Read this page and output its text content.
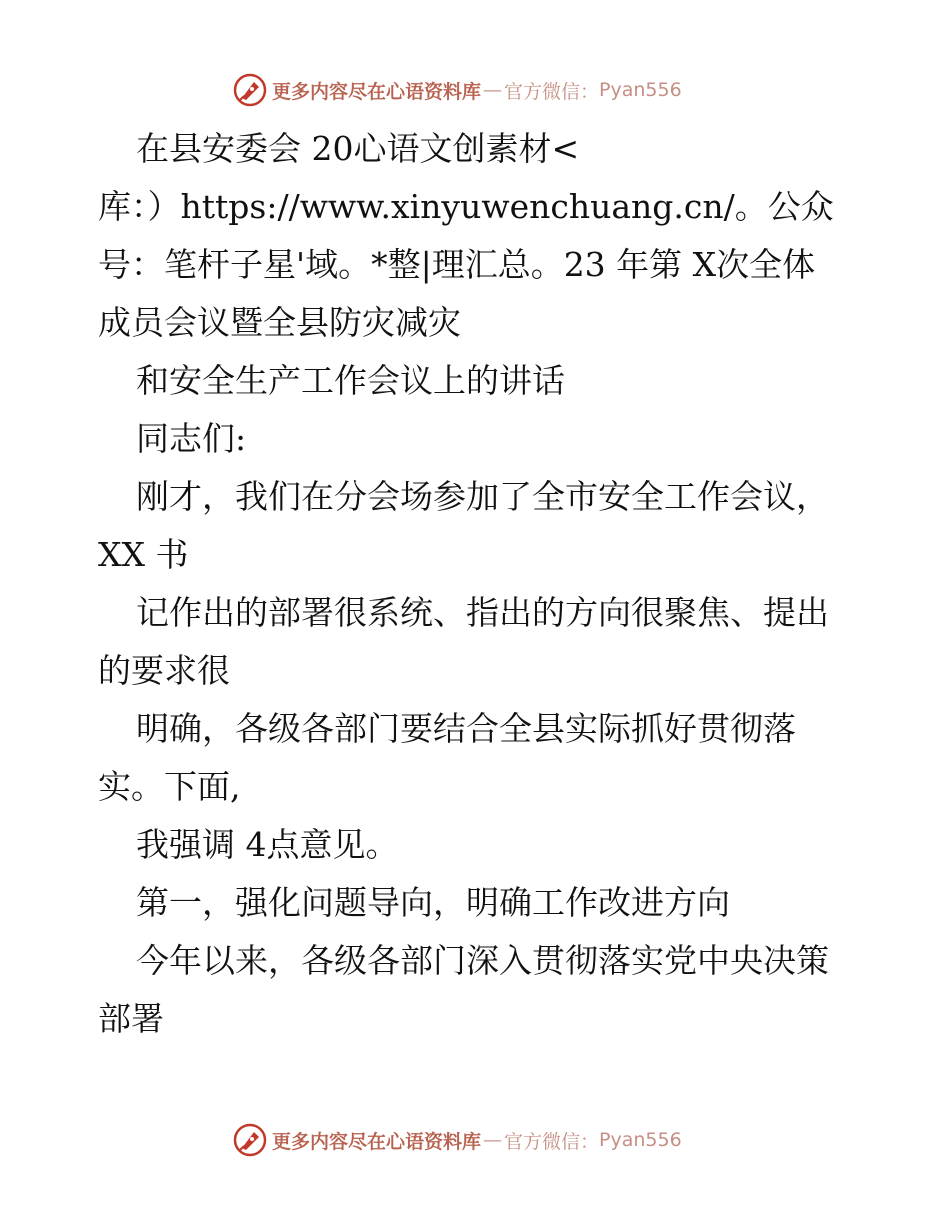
更多内容尽在心语资料库 — 官方微信： Pyan556
在县安委会 20心语文创素材<
库：）https://www.xinyuwenchuang.cn/。公众
号：笔杆子星'域。*整|理汇总。23 年第 X次全体
成员会议暨全县防灾减灾
和安全生产工作会议上的讲话
同志们:
刚才，我们在分会场参加了全市安全工作会议，
XX 书
记作出的部署很系统、指出的方向很聚焦、提出
的要求很
明确，各级各部门要结合全县实际抓好贯彻落
实。下面,
我强调 4点意见。
第一，强化问题导向，明确工作改进方向
今年以来，各级各部门深入贯彻落实党中央决策
部署
更多内容尽在心语资料库 — 官方微信： Pyan556
